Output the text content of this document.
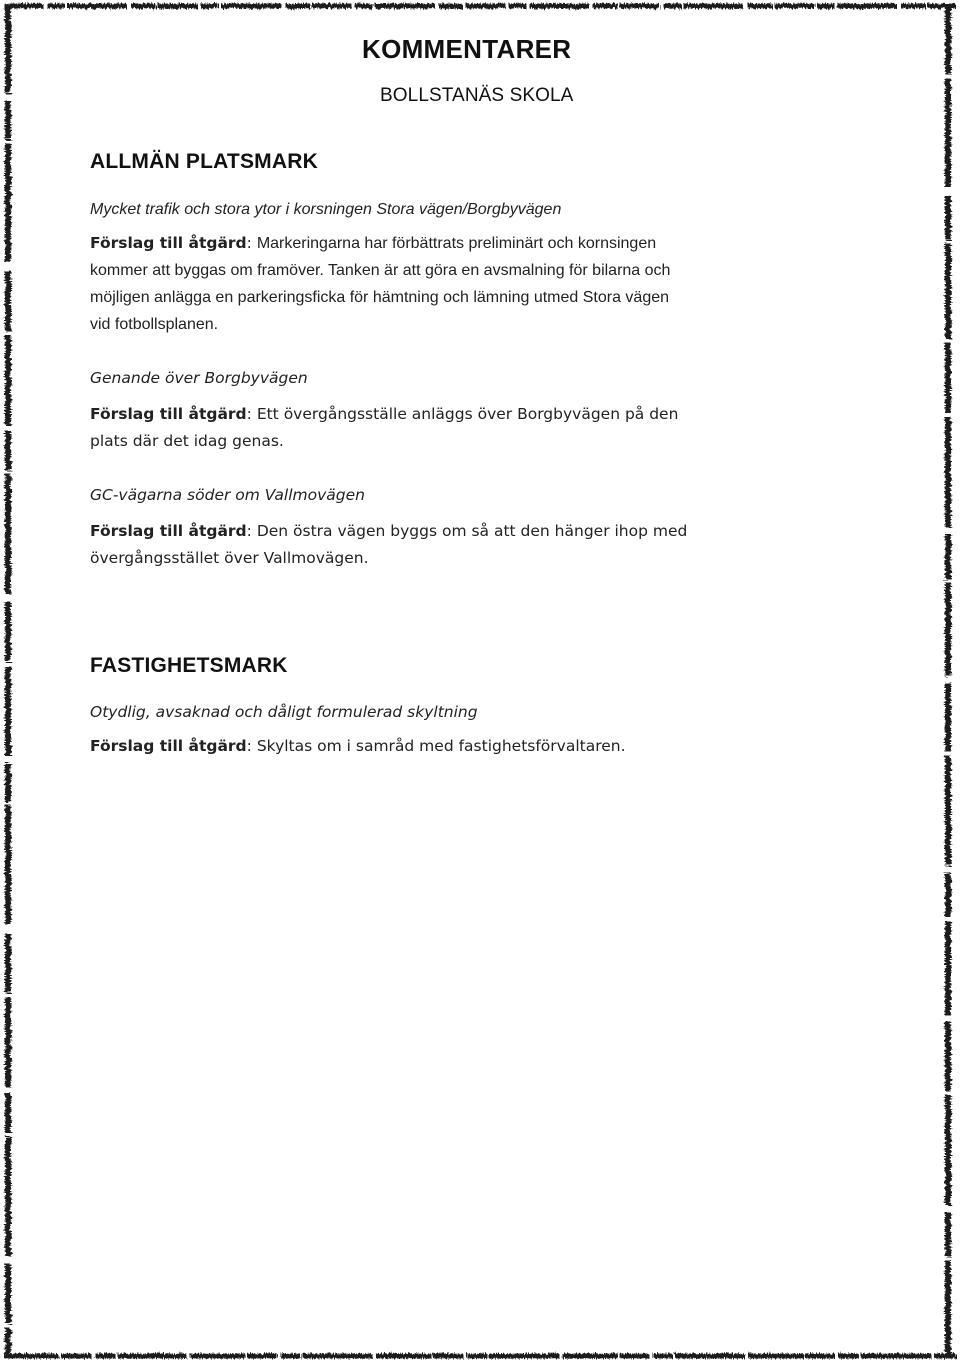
KOMMENTARER
BOLLSTANÄS SKOLA
ALLMÄN PLATSMARK

Mycket trafik och stora ytor i korsningen Stora vägen/Borgbyvägen

Förslag till åtgärd: Markeringarna har förbättrats preliminärt och kornsingen kommer att byggas om framöver. Tanken är att göra en avsmalning för bilarna och möjligen anlägga en parkeringsficka för hämtning och lämning utmed Stora vägen vid fotbollsplanen.

Genande över Borgbyvägen

Förslag till åtgärd: Ett övergångsställe anläggs över Borgbyvägen på den plats där det idag genas.

GC-vägarna söder om Vallmovägen

Förslag till åtgärd: Den östra vägen byggs om så att den hänger ihop med övergångsstället över Vallmovägen.

FASTIGHETSMARK

Otydlig, avsaknad och dåligt formulerad skyltning

Förslag till åtgärd: Skyltas om i samråd med fastighetsförvaltaren.
